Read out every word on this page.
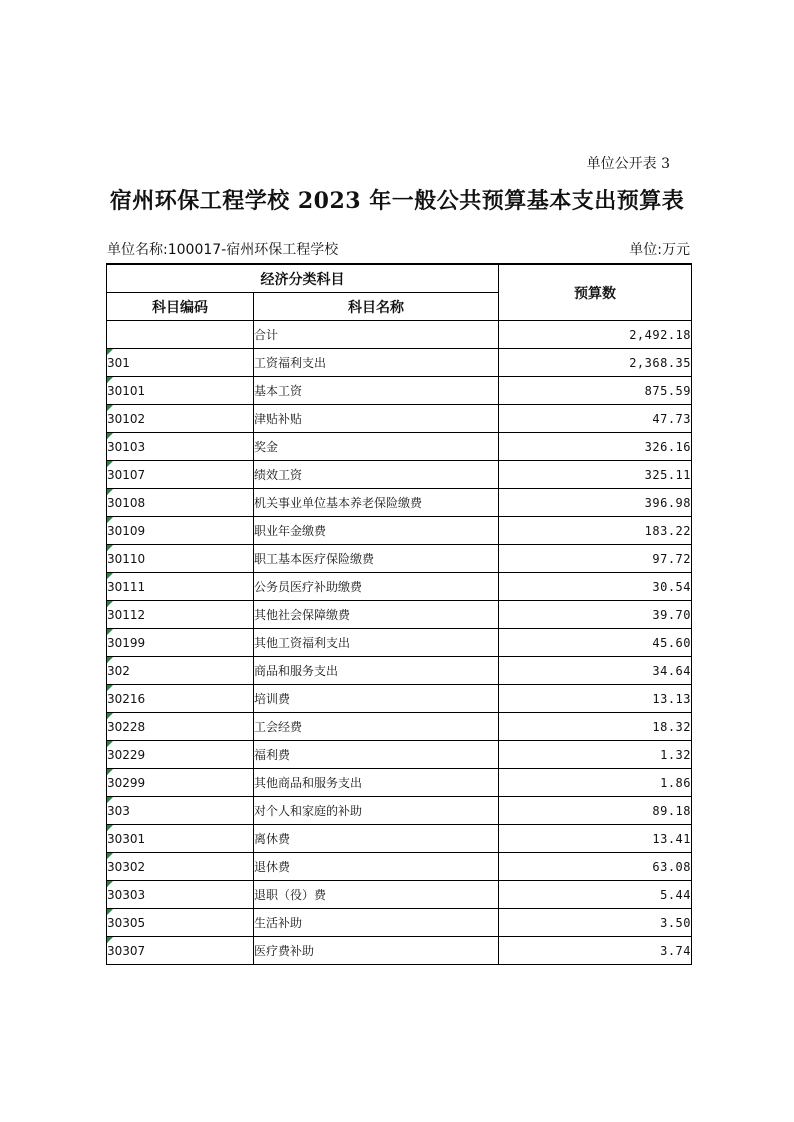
单位公开表 3
宿州环保工程学校 2023 年一般公共预算基本支出预算表
单位名称:100017-宿州环保工程学校	单位:万元
经济分类科目		预算数
科目编码	科目名称	
	合计	2,492.18

301	工资福利支出	2,368.35

30101	基本工资	875.59

30102	津贴补贴	47.73

30103	奖金	326.16

30107	绩效工资	325.11

30108	机关事业单位基本养老保险缴费	396.98

30109	职业年金缴费	183.22

30110	职工基本医疗保险缴费	97.72

30111	公务员医疗补助缴费	30.54

30112	其他社会保障缴费	39.70

30199	其他工资福利支出	45.60

302	商品和服务支出	34.64

30216	培训费	13.13

30228	工会经费	18.32

30229	福利费	1.32

30299	其他商品和服务支出	1.86

303	对个人和家庭的补助	89.18

30301	离休费	13.41

30302	退休费	63.08

30303	退职（役）费	5.44

30305	生活补助	3.50

30307	医疗费补助	3.74
